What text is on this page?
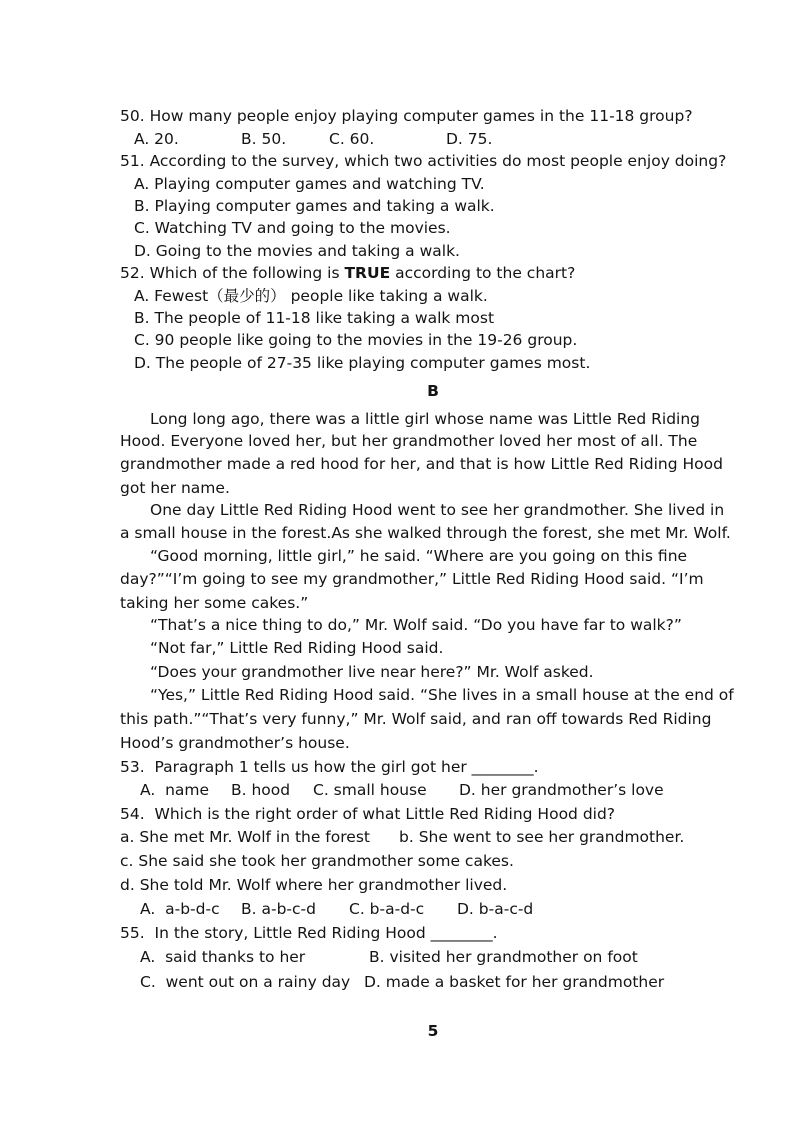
50. How many people enjoy playing computer games in the 11-18 group?
A. 20.	B. 50.	C. 60.	D. 75.
51. According to the survey, which two activities do most people enjoy doing?
A. Playing computer games and watching TV.
B. Playing computer games and taking a walk.
C. Watching TV and going to the movies.
D. Going to the movies and taking a walk.
52. Which of the following is TRUE according to the chart?
A. Fewest（最少的） people like taking a walk.
B. The people of 11-18 like taking a walk most
C. 90 people like going to the movies in the 19-26 group.
D. The people of 27-35 like playing computer games most.
B
Long long ago, there was a little girl whose name was Little Red Riding
Hood. Everyone loved her, but her grandmother loved her most of all. The
grandmother made a red hood for her, and that is how Little Red Riding Hood
got her name.
One day Little Red Riding Hood went to see her grandmother. She lived in
a small house in the forest.As she walked through the forest, she met Mr. Wolf.
“Good morning, little girl,” he said. “Where are you going on this fine
day?”“I’m going to see my grandmother,” Little Red Riding Hood said. “I’m
taking her some cakes.”
“That’s a nice thing to do,” Mr. Wolf said. “Do you have far to walk?”
“Not far,” Little Red Riding Hood said.
“Does your grandmother live near here?” Mr. Wolf asked.
“Yes,” Little Red Riding Hood said. “She lives in a small house at the end of
this path.”“That’s very funny,” Mr. Wolf said, and ran off towards Red Riding
Hood’s grandmother’s house.
53.  Paragraph 1 tells us how the girl got her ________.
A.  name B. hood C. small house D. her grandmother’s love
54.  Which is the right order of what Little Red Riding Hood did?
a. She met Mr. Wolf in the forest b. She went to see her grandmother.
c. She said she took her grandmother some cakes.
d. She told Mr. Wolf where her grandmother lived.
A.  a-b-d-c B. a-b-c-d C. b-a-d-c D. b-a-c-d
55.  In the story, Little Red Riding Hood ________.
A.  said thanks to her	B. visited her grandmother on foot
C.  went out on a rainy day D. made a basket for her grandmother
5
